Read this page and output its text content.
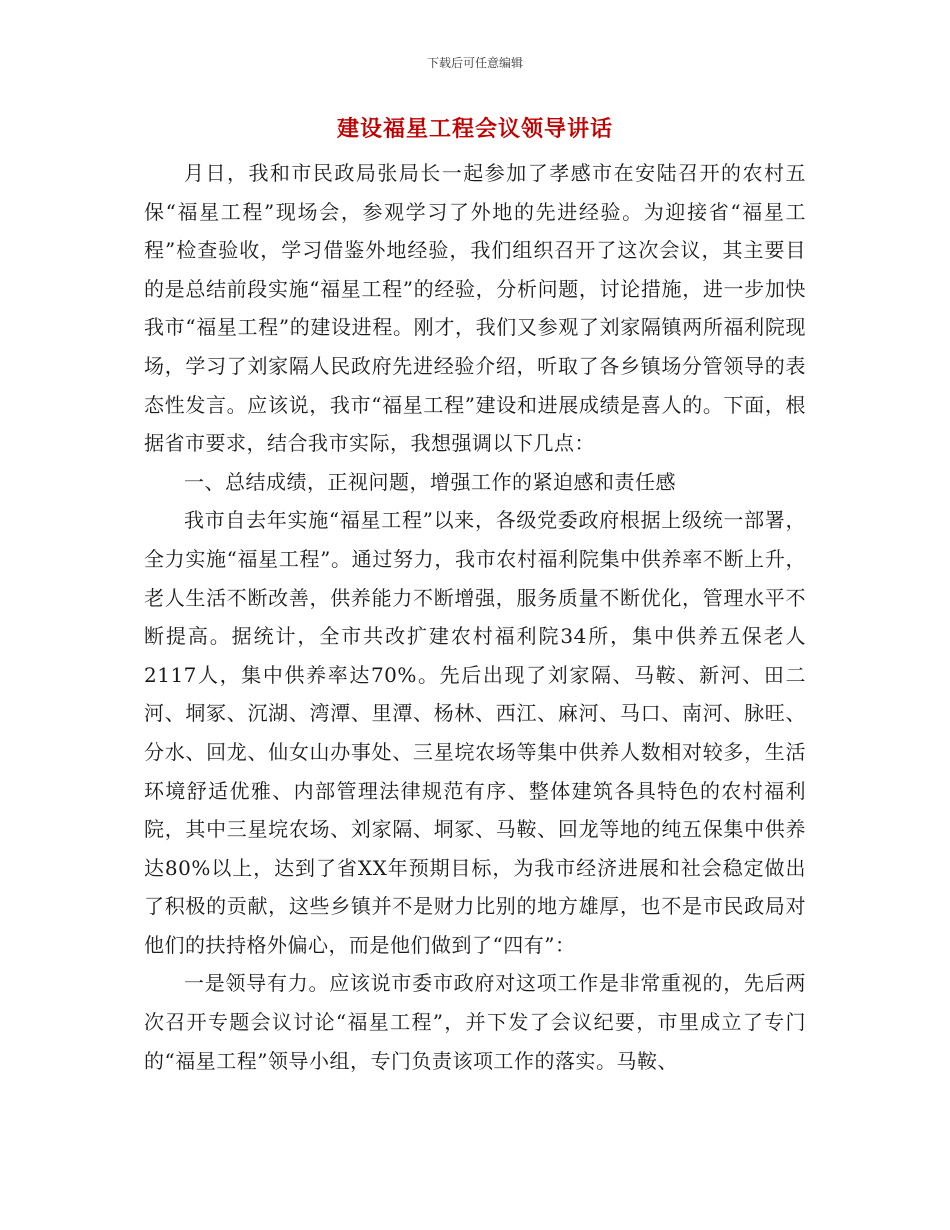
下载后可任意编辑
建设福星工程会议领导讲话

月日，我和市民政局张局长一起参加了孝感市在安陆召开的农村五保“福星工程”现场会，参观学习了外地的先进经验。为迎接省“福星工程”检查验收，学习借鉴外地经验，我们组织召开了这次会议，其主要目的是总结前段实施“福星工程”的经验，分析问题，讨论措施，进一步加快我市“福星工程”的建设进程。刚才，我们又参观了刘家隔镇两所福利院现场，学习了刘家隔人民政府先进经验介绍，听取了各乡镇场分管领导的表态性发言。应该说，我市“福星工程”建设和进展成绩是喜人的。下面，根据省市要求，结合我市实际，我想强调以下几点：

一、总结成绩，正视问题，增强工作的紧迫感和责任感

我市自去年实施“福星工程”以来，各级党委政府根据上级统一部署，全力实施“福星工程”。通过努力，我市农村福利院集中供养率不断上升，老人生活不断改善，供养能力不断增强，服务质量不断优化，管理水平不断提高。据统计，全市共改扩建农村福利院34所，集中供养五保老人2117人，集中供养率达70%。先后出现了刘家隔、马鞍、新河、田二河、垌冢、沉湖、湾潭、里潭、杨林、西江、麻河、马口、南河、脉旺、分水、回龙、仙女山办事处、三星垸农场等集中供养人数相对较多，生活环境舒适优雅、内部管理法律规范有序、整体建筑各具特色的农村福利院，其中三星垸农场、刘家隔、垌冢、马鞍、回龙等地的纯五保集中供养达80%以上，达到了省XX年预期目标，为我市经济进展和社会稳定做出了积极的贡献，这些乡镇并不是财力比别的地方雄厚，也不是市民政局对他们的扶持格外偏心，而是他们做到了“四有”：

一是领导有力。应该说市委市政府对这项工作是非常重视的，先后两次召开专题会议讨论“福星工程”，并下发了会议纪要，市里成立了专门的“福星工程”领导小组，专门负责该项工作的落实。马鞍、
